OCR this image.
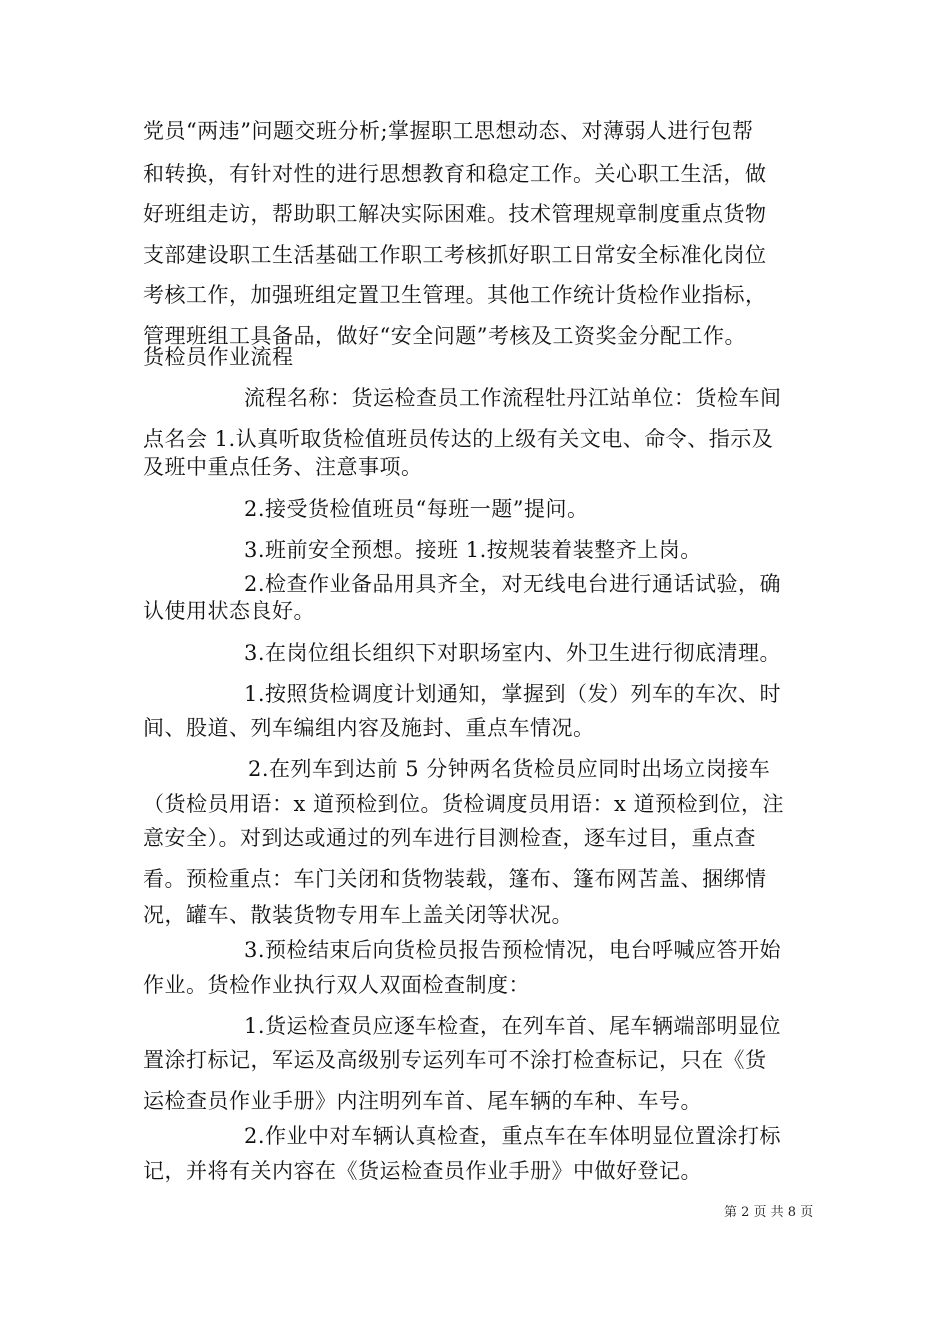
党员“两违”问题交班分析;掌握职工思想动态、对薄弱人进行包帮
和转换，有针对性的进行思想教育和稳定工作。关心职工生活，做
好班组走访，帮助职工解决实际困难。技术管理规章制度重点货物
支部建设职工生活基础工作职工考核抓好职工日常安全标准化岗位
考核工作，加强班组定置卫生管理。其他工作统计货检作业指标，
管理班组工具备品，做好“安全问题”考核及工资奖金分配工作。
货检员作业流程
流程名称：货运检查员工作流程牡丹江站单位：货检车间
点名会 1.认真听取货检值班员传达的上级有关文电、命令、指示及
及班中重点任务、注意事项。
2.接受货检值班员“每班一题”提问。
3.班前安全预想。接班 1.按规装着装整齐上岗。
2.检查作业备品用具齐全，对无线电台进行通话试验，确
认使用状态良好。
3.在岗位组长组织下对职场室内、外卫生进行彻底清理。
1.按照货检调度计划通知，掌握到（发）列车的车次、时
间、股道、列车编组内容及施封、重点车情况。
2.在列车到达前 5 分钟两名货检员应同时出场立岗接车
（货检员用语：x 道预检到位。货检调度员用语：x 道预检到位，注
意安全）。对到达或通过的列车进行目测检查，逐车过目，重点查
看。预检重点：车门关闭和货物装载，篷布、篷布网苫盖、捆绑情
况，罐车、散装货物专用车上盖关闭等状况。
3.预检结束后向货检员报告预检情况，电台呼喊应答开始
作业。货检作业执行双人双面检查制度：
1.货运检查员应逐车检查，在列车首、尾车辆端部明显位
置涂打标记，军运及高级别专运列车可不涂打检查标记，只在《货
运检查员作业手册》内注明列车首、尾车辆的车种、车号。
2.作业中对车辆认真检查，重点车在车体明显位置涂打标
记，并将有关内容在《货运检查员作业手册》中做好登记。
第 2 页 共 8 页
